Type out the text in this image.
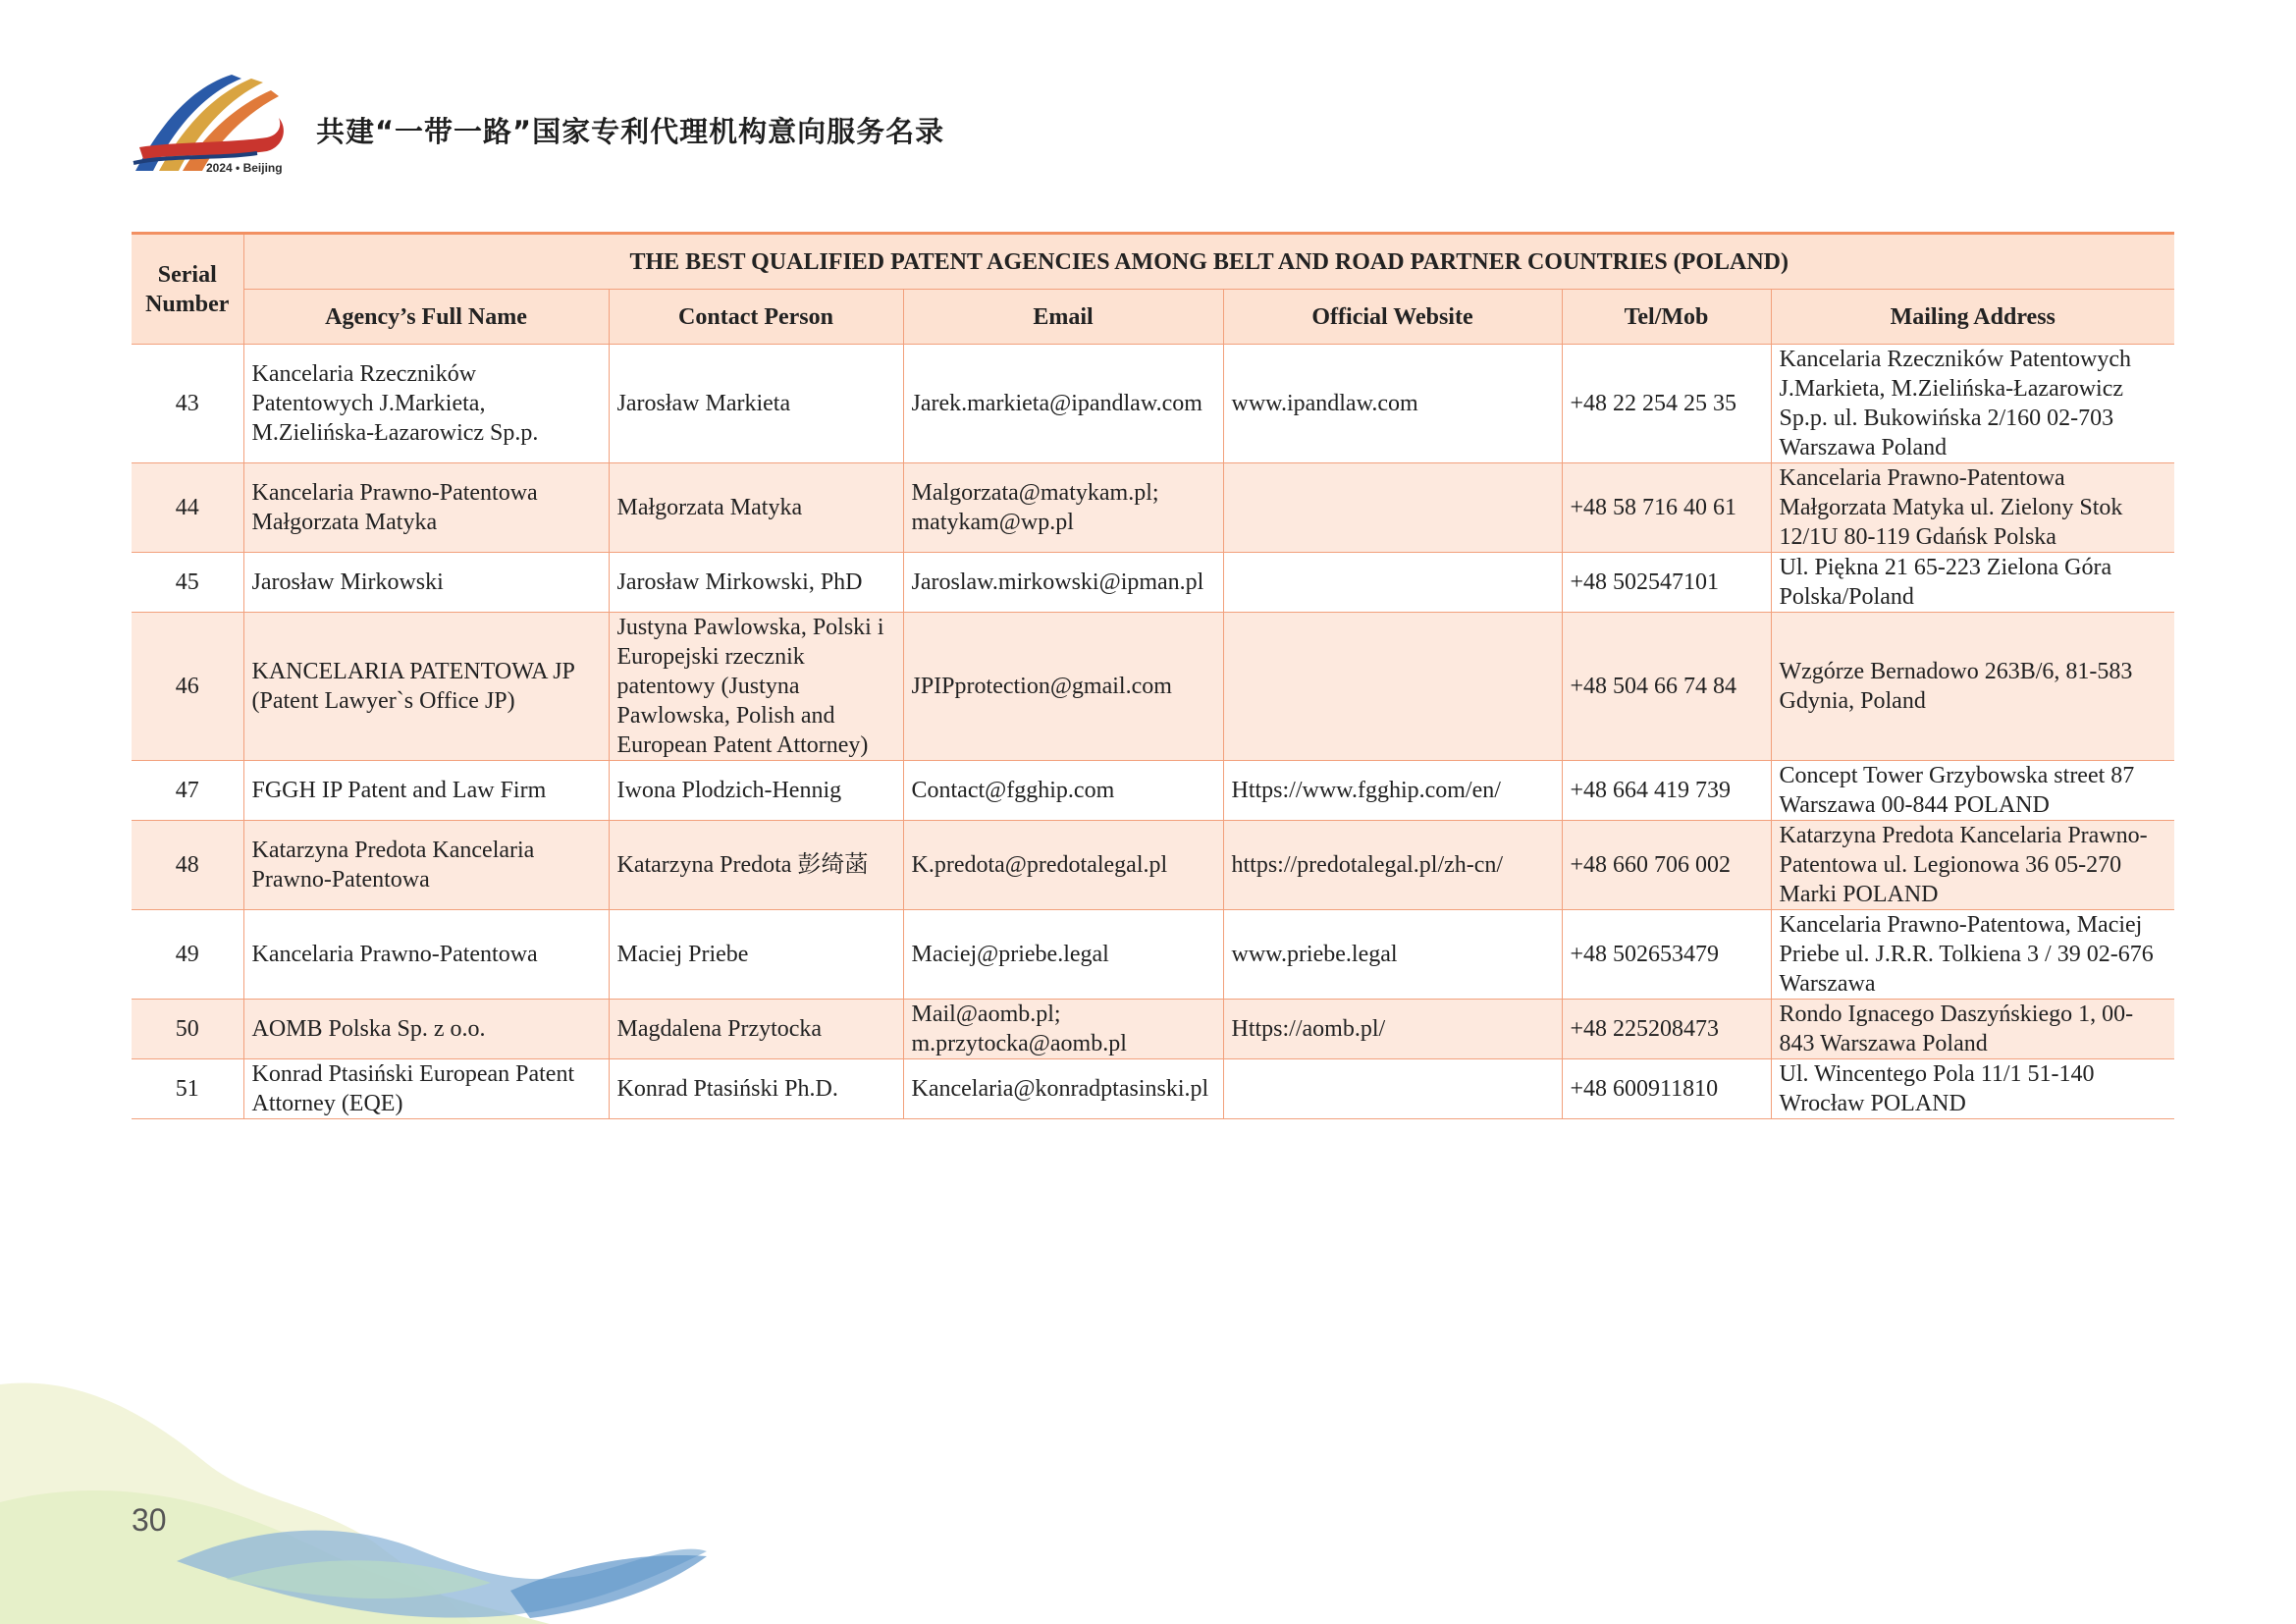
2024 • Beijing
共建“一带一路”国家专利代理机构意向服务名录
Serial Number	THE BEST QUALIFIED PATENT AGENCIES AMONG BELT AND ROAD PARTNER COUNTRIES (POLAND)					
	Agency’s Full Name	Contact Person	Email	Official Website	Tel/Mob	Mailing Address
43	Kancelaria Rzeczników Patentowych J.Markieta, M.Zielińska-Łazarowicz Sp.p.	Jarosław Markieta	Jarek.markieta@ipandlaw.com	www.ipandlaw.com	+48 22 254 25 35	Kancelaria Rzeczników Patentowych J.Markieta, M.Zielińska-Łazarowicz Sp.p. ul. Bukowińska 2/160 02-703 Warszawa Poland
44	Kancelaria Prawno-Patentowa Małgorzata Matyka	Małgorzata Matyka	Malgorzata@matykam.pl; matykam@wp.pl		+48 58 716 40 61	Kancelaria Prawno-Patentowa Małgorzata Matyka ul. Zielony Stok 12/1U 80-119 Gdańsk Polska
45	Jarosław Mirkowski	Jarosław Mirkowski, PhD	Jaroslaw.mirkowski@ipman.pl		+48 502547101	Ul. Piękna 21 65-223 Zielona Góra Polska/Poland
46	KANCELARIA PATENTOWA JP (Patent Lawyer`s Office JP)	Justyna Pawlowska, Polski i Europejski rzecznik patentowy (Justyna Pawlowska, Polish and European Patent Attorney)	JPIPprotection@gmail.com		+48 504 66 74 84	Wzgórze Bernadowo 263B/6, 81-583 Gdynia, Poland
47	FGGH IP Patent and Law Firm	Iwona Plodzich-Hennig	Contact@fgghip.com	Https://www.fgghip.com/en/	+48 664 419 739	Concept Tower Grzybowska street 87 Warszawa 00-844 POLAND
48	Katarzyna Predota Kancelaria Prawno-Patentowa	Katarzyna Predota 彭绮菡	K.predota@predotalegal.pl	https://predotalegal.pl/zh-cn/	+48 660 706 002	Katarzyna Predota Kancelaria Prawno-Patentowa ul. Legionowa 36 05-270 Marki POLAND
49	Kancelaria Prawno-Patentowa	Maciej Priebe	Maciej@priebe.legal	www.priebe.legal	+48 502653479	Kancelaria Prawno-Patentowa, Maciej Priebe ul. J.R.R. Tolkiena 3 / 39 02-676 Warszawa
50	AOMB Polska Sp. z o.o.	Magdalena Przytocka	Mail@aomb.pl; m.przytocka@aomb.pl	Https://aomb.pl/	+48 225208473	Rondo Ignacego Daszyńskiego 1, 00-843 Warszawa Poland
51	Konrad Ptasiński European Patent Attorney (EQE)	Konrad Ptasiński Ph.D.	Kancelaria@konradptasinski.pl		+48 600911810	Ul. Wincentego Pola 11/1 51-140 Wrocław POLAND
30
